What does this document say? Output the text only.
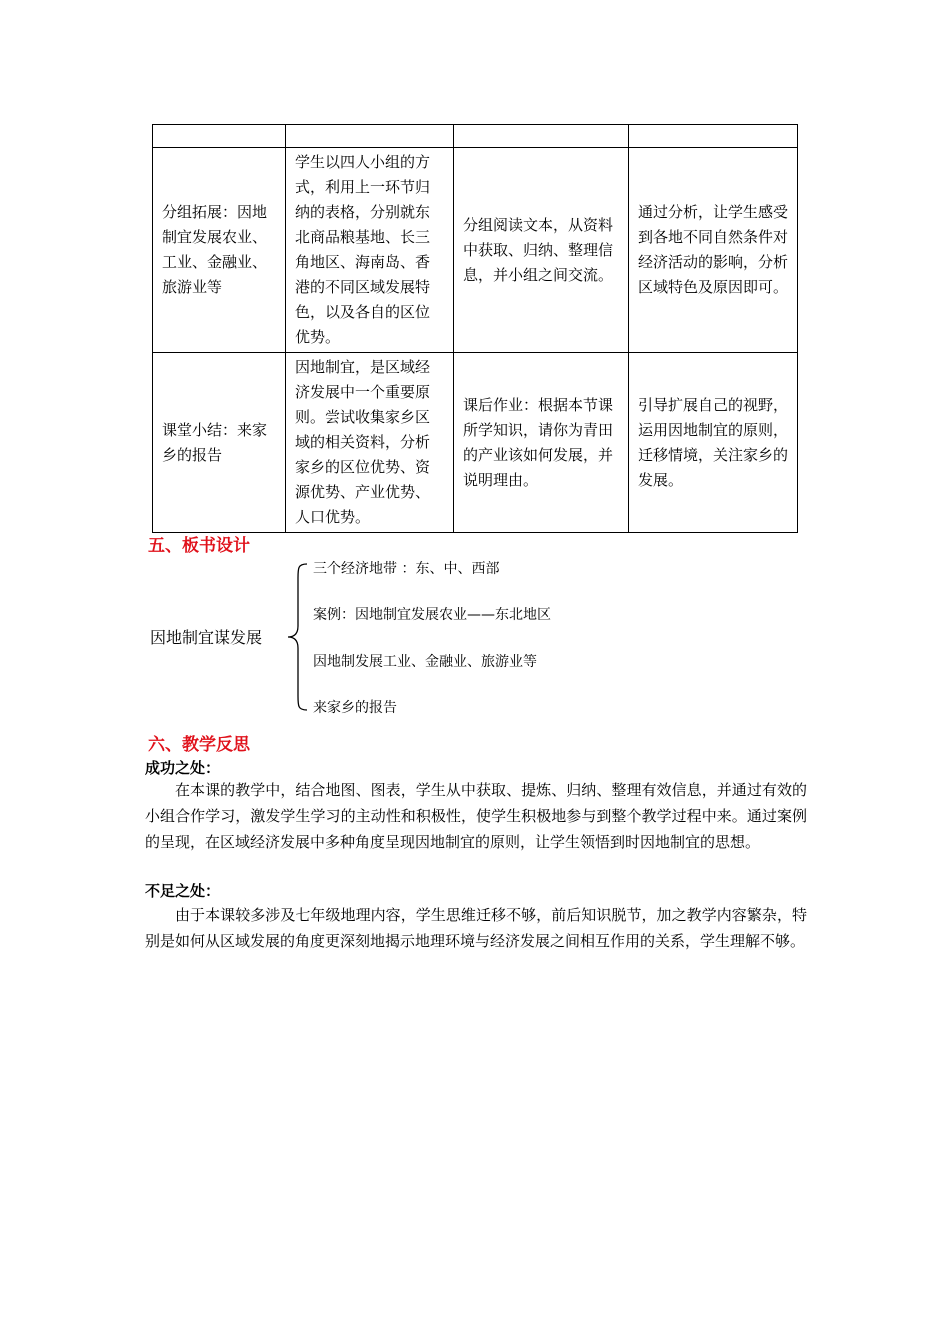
分组拓展：因地制宜发展农业、工业、金融业、旅游业等	学生以四人小组的方式，利用上一环节归纳的表格，分别就东北商品粮基地、长三角地区、海南岛、香港的不同区域发展特色，以及各自的区位优势。	分组阅读文本，从资料中获取、归纳、整理信息，并小组之间交流。	通过分析，让学生感受到各地不同自然条件对经济活动的影响，分析区域特色及原因即可。
课堂小结：来家乡的报告	因地制宜，是区域经济发展中一个重要原则。尝试收集家乡区域的相关资料，分析家乡的区位优势、资源优势、产业优势、人口优势。	课后作业：根据本节课所学知识，请你为青田的产业该如何发展，并说明理由。	引导扩展自己的视野，运用因地制宜的原则，迁移情境，关注家乡的发展。
五、板书设计
因地制宜谋发展
三个经济地带 ：东、中、西部
案例：因地制宜发展农业——东北地区
因地制发展工业、金融业、旅游业等
来家乡的报告
六、教学反思
成功之处：
在本课的教学中，结合地图、图表，学生从中获取、提炼、归纳、整理有效信息，并通过有效的小组合作学习，激发学生学习的主动性和积极性，使学生积极地参与到整个教学过程中来。通过案例的呈现，在区域经济发展中多种角度呈现因地制宜的原则，让学生领悟到时因地制宜的思想。
不足之处：
由于本课较多涉及七年级地理内容，学生思维迁移不够，前后知识脱节，加之教学内容繁杂，特别是如何从区域发展的角度更深刻地揭示地理环境与经济发展之间相互作用的关系，学生理解不够。
